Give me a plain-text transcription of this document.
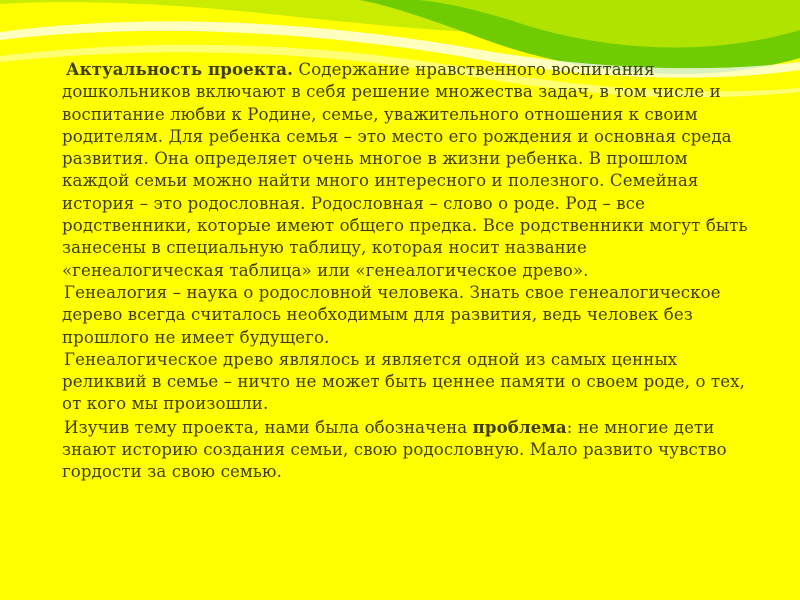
Актуальность проекта. Содержание нравственного воспитания дошкольников включают в себя решение множества задач, в том числе и воспитание любви к Родине, семье, уважительного отношения к своим родителям. Для ребенка семья – это место его рождения и основная среда развития. Она определяет очень многое в жизни ребенка. В прошлом каждой семьи можно найти много интересного и полезного. Семейная история – это родословная. Родословная – слово о роде. Род – все родственники, которые имеют общего предка. Все родственники могут быть занесены в специальную таблицу, которая носит название «генеалогическая таблица» или «генеалогическое древо».

Генеалогия – наука о родословной человека. Знать свое генеалогическое дерево всегда считалось необходимым для развития, ведь человек без прошлого не имеет будущего.

Генеалогическое древо являлось и является одной из самых ценных реликвий в семье – ничто не может быть ценнее памяти о своем роде, о тех, от кого мы произошли.

Изучив тему проекта, нами была обозначена проблема: не многие дети знают историю создания семьи, свою родословную. Мало развито чувство гордости за свою семью.
